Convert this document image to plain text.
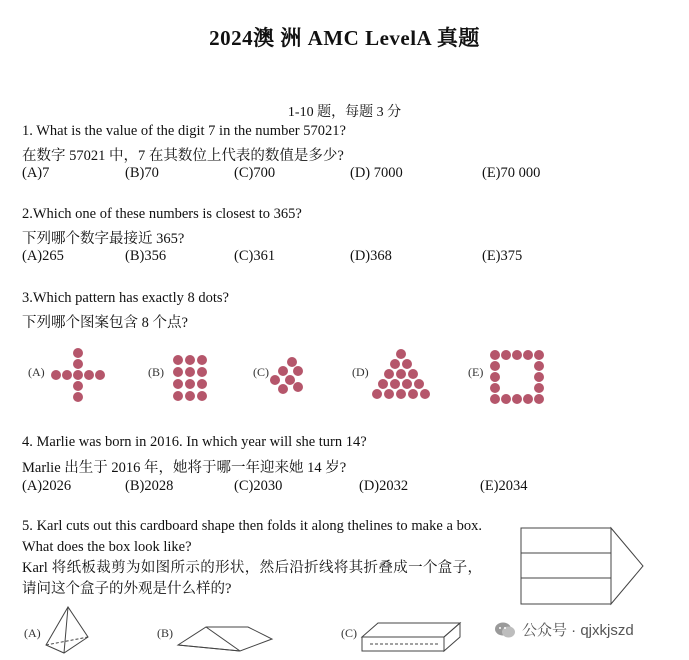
2024澳 洲 AMC LevelA 真题
1-10 题，每题 3 分
1. What is the value of the digit 7 in the number 57021?
在数字 57021 中，7 在其数位上代表的数值是多少?
(A)7	(B)70	(C)700	(D) 7000	(E)70 000
2.Which one of these numbers is closest to 365?
下列哪个数字最接近 365?
(A)265	(B)356	(C)361	(D)368	(E)375
3.Which pattern has exactly 8 dots?
下列哪个图案包含 8 个点?
(A)	(B)	(C)	(D)	(E)
4. Marlie was born in 2016. In which year will she turn 14?
Marlie 出生于 2016 年，她将于哪一年迎来她 14 岁?
(A)2026	(B)2028	(C)2030	(D)2032	(E)2034
5. Karl cuts out this cardboard shape then folds it along thelines to make a box. What does the box look like?
Karl 将纸板裁剪为如图所示的形状，然后沿折线将其折叠成一个盒子，请问这个盒子的外观是什么样的?
(A)	(B)	(C)	公众号 · qjxkjszd
